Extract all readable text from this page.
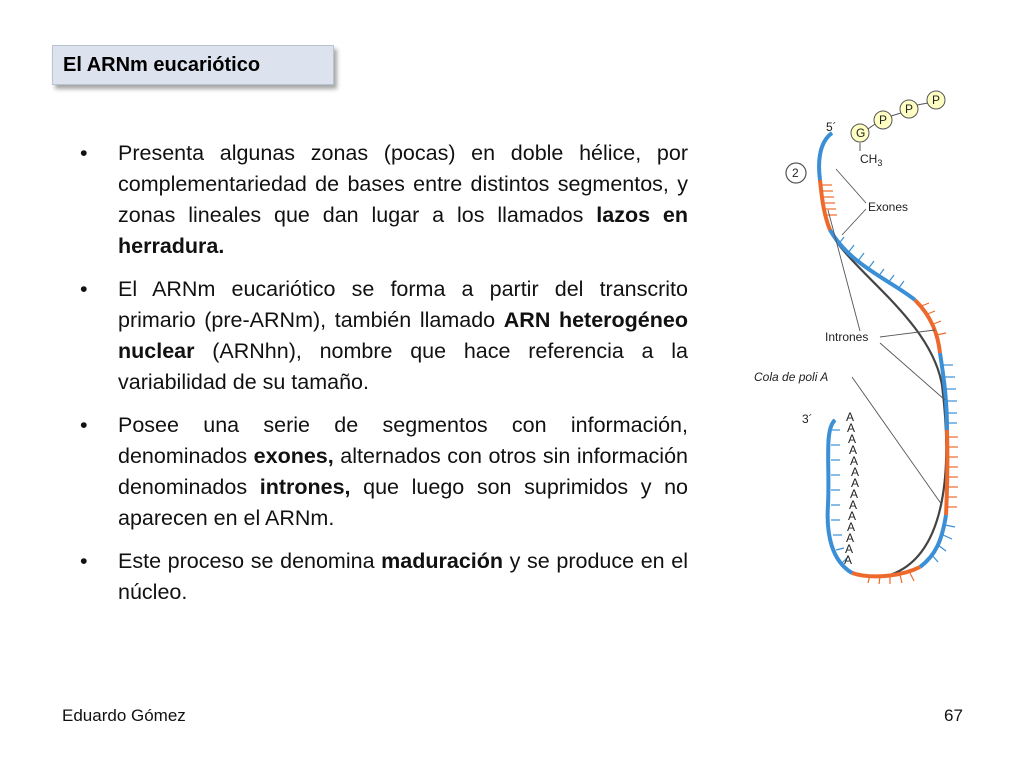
El ARNm eucariótico
• Presenta algunas zonas (pocas) en doble hélice, por complementariedad de bases entre distintos segmentos, y zonas lineales que dan lugar a los llamados lazos en herradura.
• El ARNm eucariótico se forma a partir del transcrito primario (pre-ARNm), también llamado ARN heterogéneo nuclear (ARNhn), nombre que hace referencia a la variabilidad de su tamaño.
• Posee una serie de segmentos con información, denominados exones, alternados con otros sin información denominados intrones, que luego son suprimidos y no aparecen en el ARNm.
• Este proceso se denomina maduración y se produce en el núcleo.
5´ G
P
P
P
$CH_3$
2
Exones
Intrones
Cola de poli A
3´	A
A
A
A
A
A
A
A
A
A
A
A
A
A
Eduardo Gómez	67
